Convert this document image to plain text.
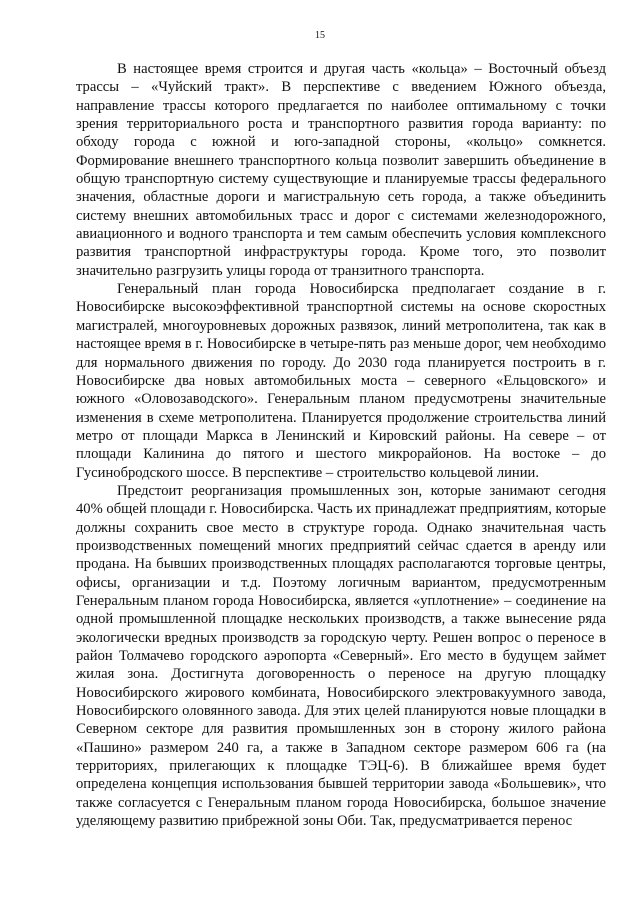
15

В настоящее время строится и другая часть «кольца» – Восточный объезд трассы – «Чуйский тракт». В перспективе с введением Южного объезда, направление трассы которого предлагается по наиболее оптимальному с точки зрения территориального роста и транспортного развития города варианту: по обходу города с южной и юго-западной стороны, «кольцо» сомкнется. Формирование внешнего транспортного кольца позволит завершить объединение в общую транспортную систему существующие и планируемые трассы федерального значения, областные дороги и магистральную сеть города, а также объединить систему внешних автомобильных трасс и дорог с системами железнодорожного, авиационного и водного транспорта и тем самым обеспечить условия комплексного развития транспортной инфраструктуры города. Кроме того, это позволит значительно разгрузить улицы города от транзитного транспорта.

Генеральный план города Новосибирска предполагает создание в г. Новосибирске высокоэффективной транспортной системы на основе скоростных магистралей, многоуровневых дорожных развязок, линий метрополитена, так как в настоящее время в г. Новосибирске в четыре-пять раз меньше дорог, чем необходимо для нормального движения по городу. До 2030 года планируется построить в г. Новосибирске два новых автомобильных моста – северного «Ельцовского» и южного «Оловозаводского». Генеральным планом предусмотрены значительные изменения в схеме метрополитена. Планируется продолжение строительства линий метро от площади Маркса в Ленинский и Кировский районы. На севере – от площади Калинина до пятого и шестого микрорайонов. На востоке – до Гусинобродского шоссе. В перспективе – строительство кольцевой линии.

Предстоит реорганизация промышленных зон, которые занимают сегодня 40% общей площади г. Новосибирска. Часть их принадлежат предприятиям, которые должны сохранить свое место в структуре города. Однако значительная часть производственных помещений многих предприятий сейчас сдается в аренду или продана. На бывших производственных площадях располагаются торговые центры, офисы, организации и т.д. Поэтому логичным вариантом, предусмотренным Генеральным планом города Новосибирска, является «уплотнение» – соединение на одной промышленной площадке нескольких производств, а также вынесение ряда экологически вредных производств за городскую черту. Решен вопрос о переносе в район Толмачево городского аэропорта «Северный». Его место в будущем займет жилая зона. Достигнута договоренность о переносе на другую площадку Новосибирского жирового комбината, Новосибирского электровакуумного завода, Новосибирского оловянного завода. Для этих целей планируются новые площадки в Северном секторе для развития промышленных зон в сторону жилого района «Пашино» размером 240 га, а также в Западном секторе размером 606 га (на территориях, прилегающих к площадке ТЭЦ-6). В ближайшее время будет определена концепция использования бывшей территории завода «Большевик», что также согласуется с Генеральным планом города Новосибирска, большое значение уделяющему развитию прибрежной зоны Оби. Так, предусматривается перенос
